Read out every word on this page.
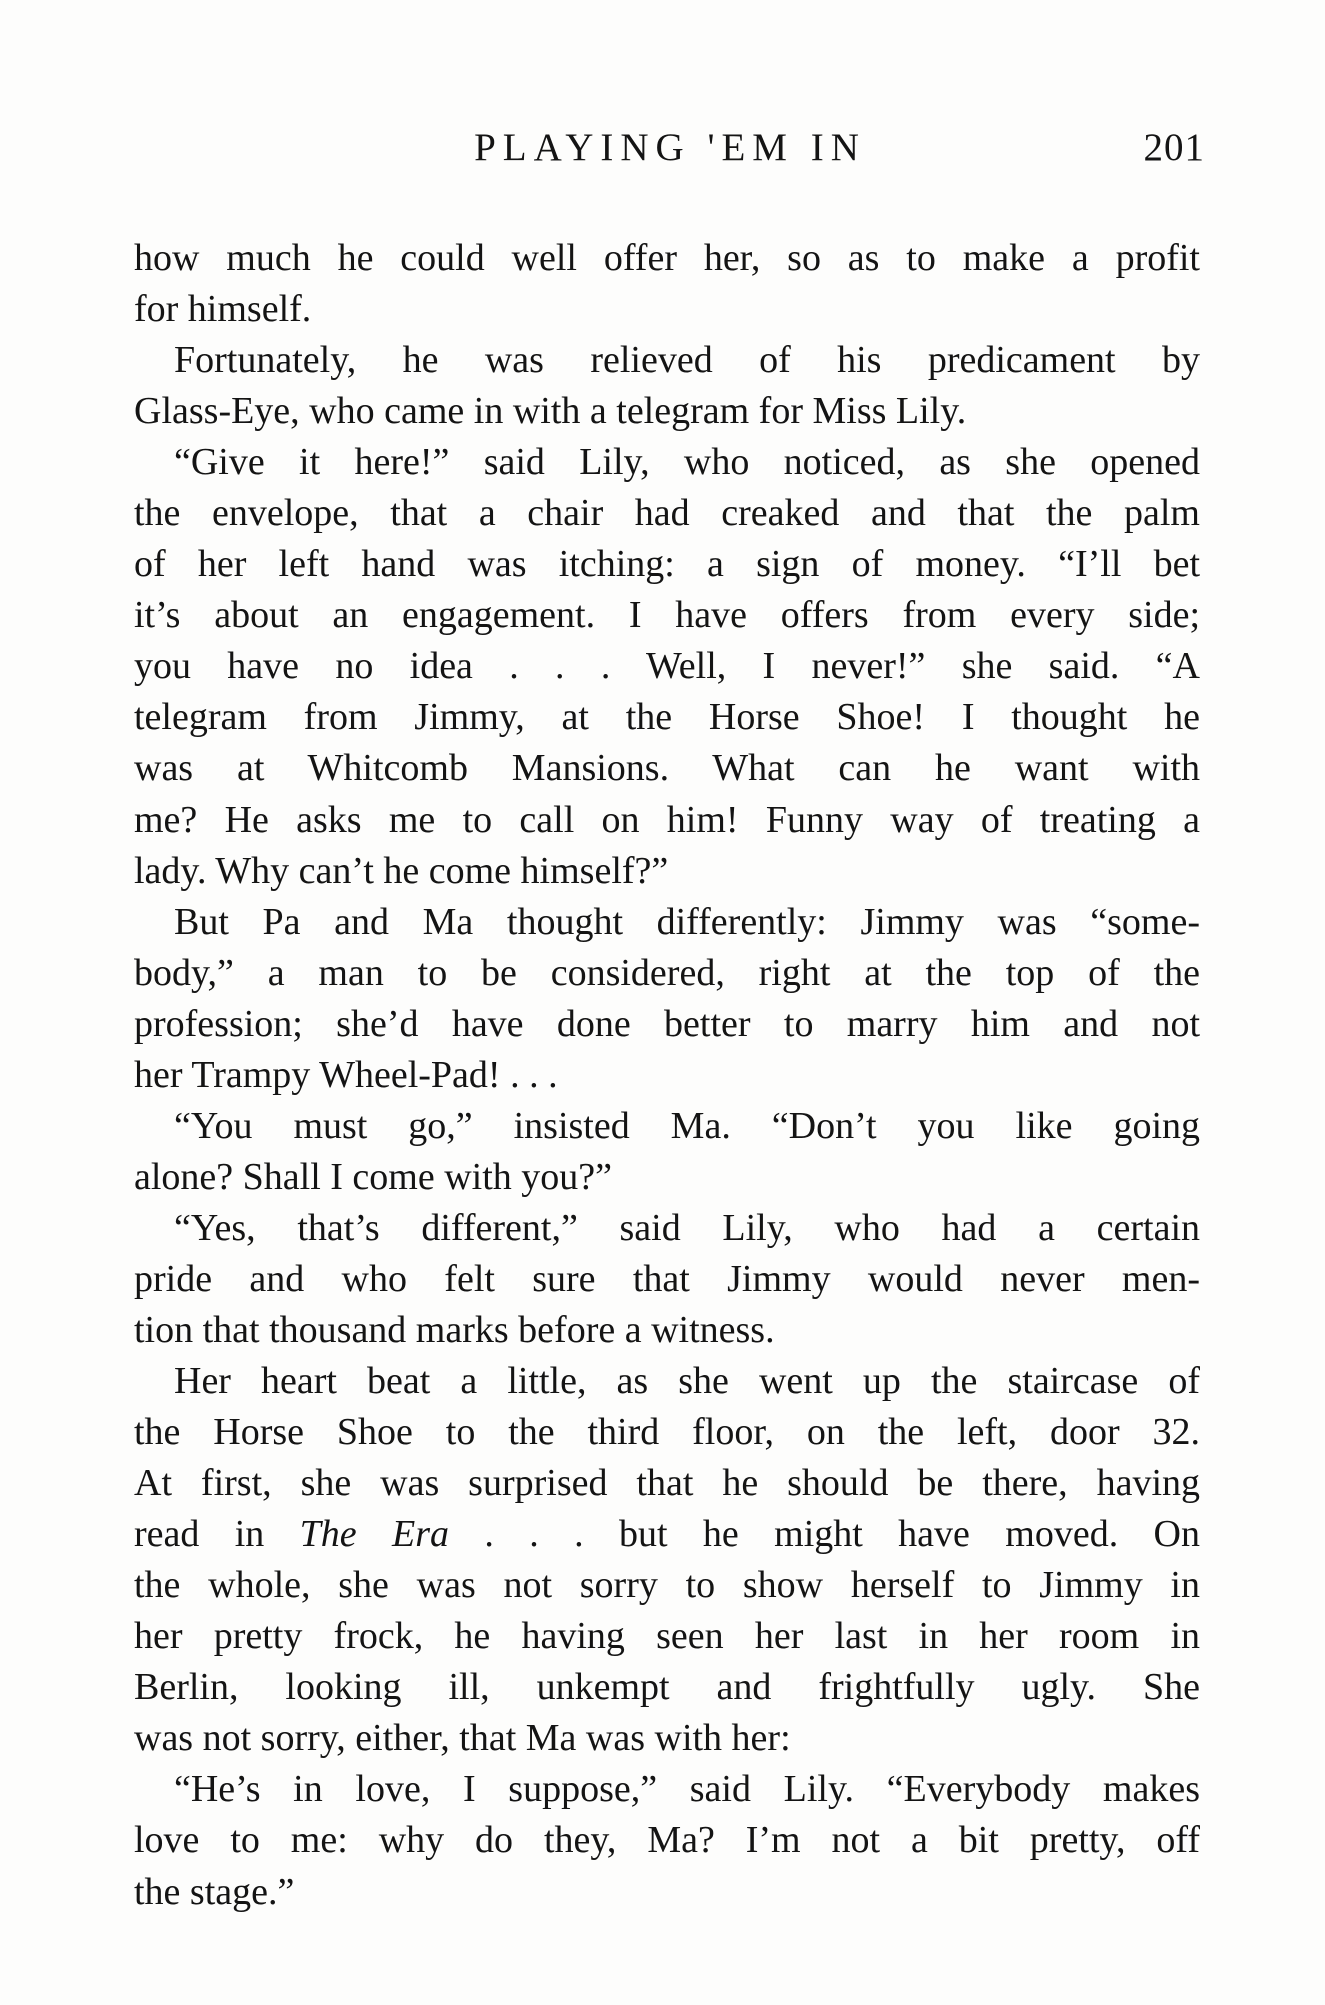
PLAYING 'EM IN	201
how much he could well offer her, so as to make a profit
for himself.
Fortunately, he was relieved of his predicament by
Glass-Eye, who came in with a telegram for Miss Lily.
“Give it here!” said Lily, who noticed, as she opened
the envelope, that a chair had creaked and that the palm
of her left hand was itching: a sign of money. “I’ll bet
it’s about an engagement. I have offers from every side;
you have no idea . . . Well, I never!” she said. “A
telegram from Jimmy, at the Horse Shoe! I thought he
was at Whitcomb Mansions. What can he want with
me? He asks me to call on him! Funny way of treating a
lady. Why can’t he come himself?”
But Pa and Ma thought differently: Jimmy was “some-
body,” a man to be considered, right at the top of the
profession; she’d have done better to marry him and not
her Trampy Wheel-Pad! . . .
“You must go,” insisted Ma. “Don’t you like going
alone? Shall I come with you?”
“Yes, that’s different,” said Lily, who had a certain
pride and who felt sure that Jimmy would never men-
tion that thousand marks before a witness.
Her heart beat a little, as she went up the staircase of
the Horse Shoe to the third floor, on the left, door 32.
At first, she was surprised that he should be there, having
read in The Era . . . but he might have moved. On
the whole, she was not sorry to show herself to Jimmy in
her pretty frock, he having seen her last in her room in
Berlin, looking ill, unkempt and frightfully ugly. She
was not sorry, either, that Ma was with her:
“He’s in love, I suppose,” said Lily. “Everybody makes
love to me: why do they, Ma? I’m not a bit pretty, off
the stage.”
